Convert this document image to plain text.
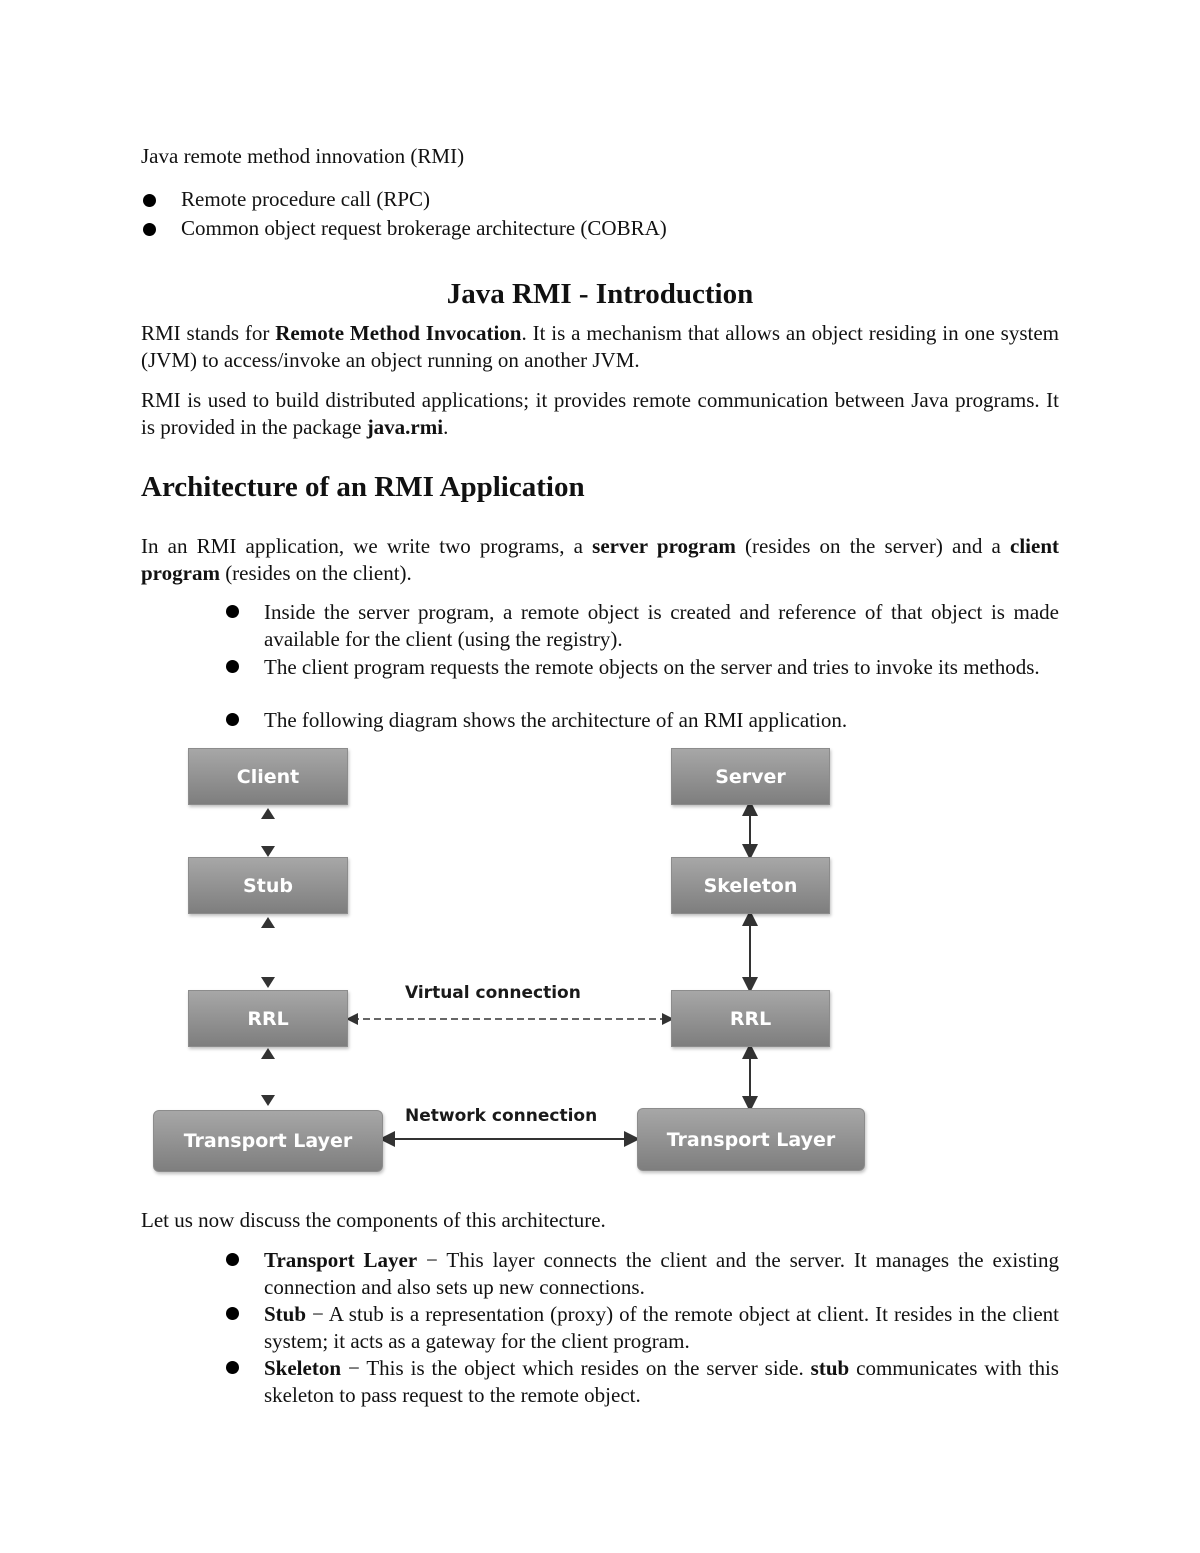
Java remote method innovation (RMI)
Remote procedure call (RPC)
Common object request brokerage architecture (COBRA)
Java RMI - Introduction
RMI stands for Remote Method Invocation. It is a mechanism that allows an object residing in one system (JVM) to access/invoke an object running on another JVM.
RMI is used to build distributed applications; it provides remote communication between Java programs. It is provided in the package java.rmi.
Architecture of an RMI Application
In an RMI application, we write two programs, a server program (resides on the server) and a client program (resides on the client).
Inside the server program, a remote object is created and reference of that object is made available for the client (using the registry).
The client program requests the remote objects on the server and tries to invoke its methods.
The following diagram shows the architecture of an RMI application.
Client
Stub
RRL
Transport Layer
Server
Skeleton
RRL
Transport Layer
Virtual connection
Network connection
Let us now discuss the components of this architecture.
Transport Layer − This layer connects the client and the server. It manages the existing connection and also sets up new connections.
Stub − A stub is a representation (proxy) of the remote object at client. It resides in the client system; it acts as a gateway for the client program.
Skeleton − This is the object which resides on the server side. stub communicates with this skeleton to pass request to the remote object.
